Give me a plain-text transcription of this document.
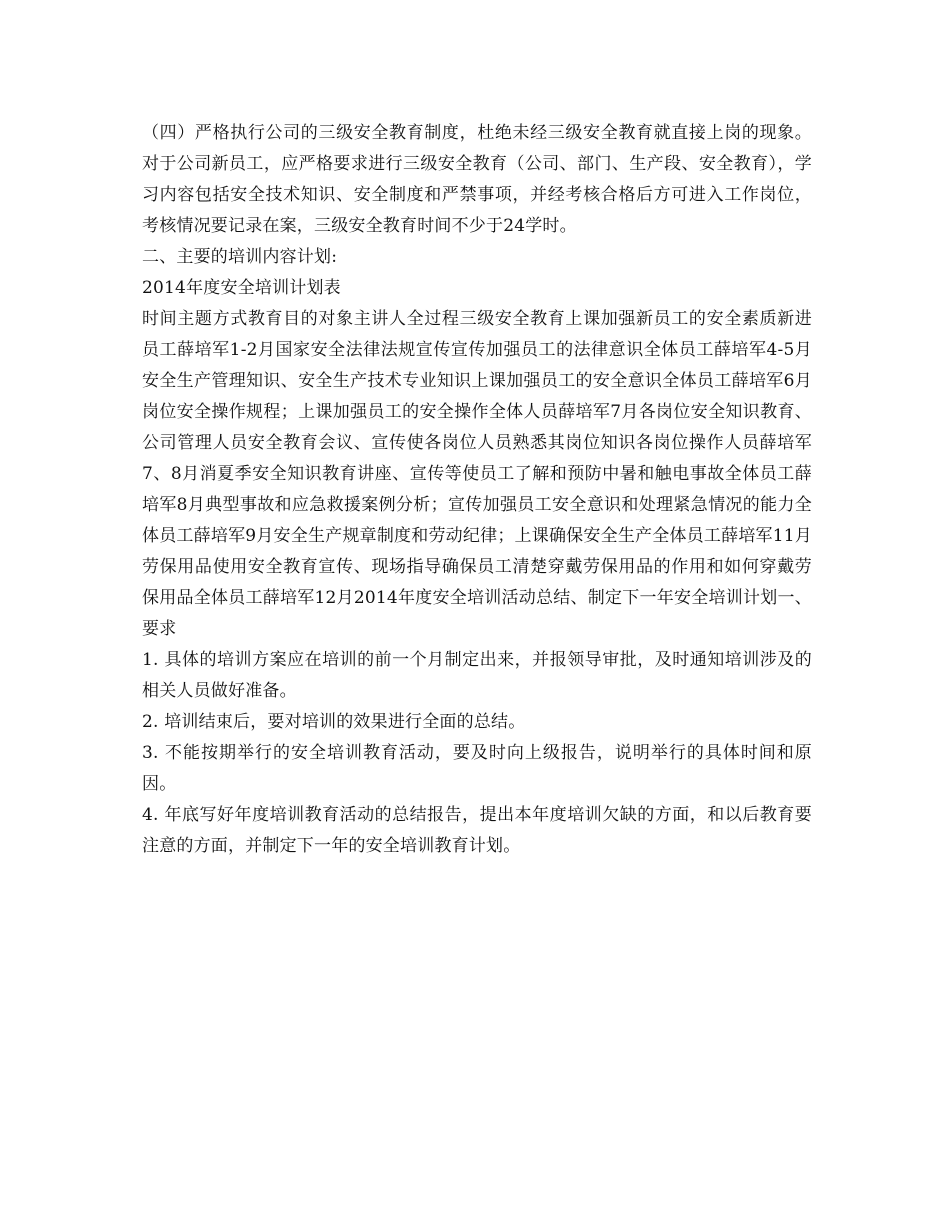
（四）严格执行公司的三级安全教育制度，杜绝未经三级安全教育就直接上岗的现象。对于公司新员工，应严格要求进行三级安全教育（公司、部门、生产段、安全教育），学习内容包括安全技术知识、安全制度和严禁事项，并经考核合格后方可进入工作岗位，考核情况要记录在案，三级安全教育时间不少于24学时。

二、主要的培训内容计划:

2014年度安全培训计划表

时间主题方式教育目的对象主讲人全过程三级安全教育上课加强新员工的安全素质新进员工薛培军1-2月国家安全法律法规宣传宣传加强员工的法律意识全体员工薛培军4-5月安全生产管理知识、安全生产技术专业知识上课加强员工的安全意识全体员工薛培军6月岗位安全操作规程；上课加强员工的安全操作全体人员薛培军7月各岗位安全知识教育、公司管理人员安全教育会议、宣传使各岗位人员熟悉其岗位知识各岗位操作人员薛培军7、8月消夏季安全知识教育讲座、宣传等使员工了解和预防中暑和触电事故全体员工薛培军8月典型事故和应急救援案例分析；宣传加强员工安全意识和处理紧急情况的能力全体员工薛培军9月安全生产规章制度和劳动纪律；上课确保安全生产全体员工薛培军11月劳保用品使用安全教育宣传、现场指导确保员工清楚穿戴劳保用品的作用和如何穿戴劳保用品全体员工薛培军12月2014年度安全培训活动总结、制定下一年安全培训计划一、 要求

1. 具体的培训方案应在培训的前一个月制定出来，并报领导审批，及时通知培训涉及的相关人员做好准备。

2. 培训结束后，要对培训的效果进行全面的总结。

3. 不能按期举行的安全培训教育活动，要及时向上级报告，说明举行的具体时间和原因。

4. 年底写好年度培训教育活动的总结报告，提出本年度培训欠缺的方面，和以后教育要注意的方面，并制定下一年的安全培训教育计划。
